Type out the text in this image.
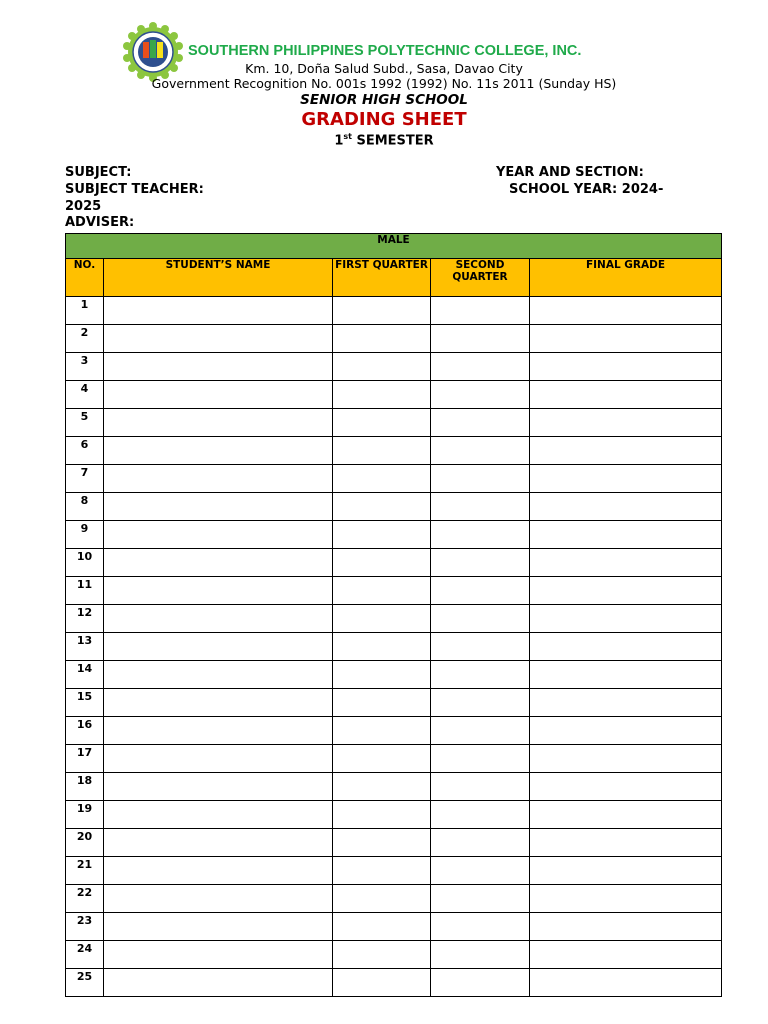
SOUTHERN PHILIPPINES POLYTECHNIC COLLEGE, INC.
Km. 10, Doña Salud Subd., Sasa, Davao City
Government Recognition No. 001s 1992 (1992) No. 11s 2011 (Sunday HS)
SENIOR HIGH SCHOOL
GRADING SHEET
1st SEMESTER
SUBJECT:	YEAR AND SECTION:
SUBJECT TEACHER:	SCHOOL YEAR: 2024-
2025
ADVISER:
MALE				
NO.	STUDENT’S NAME	FIRST QUARTER	SECOND QUARTER	FINAL GRADE
1				
2				
3				
4				
5				
6				
7				
8				
9				
10				
11				
12				
13				
14				
15				
16				
17				
18				
19				
20				
21				
22				
23				
24				
25				
